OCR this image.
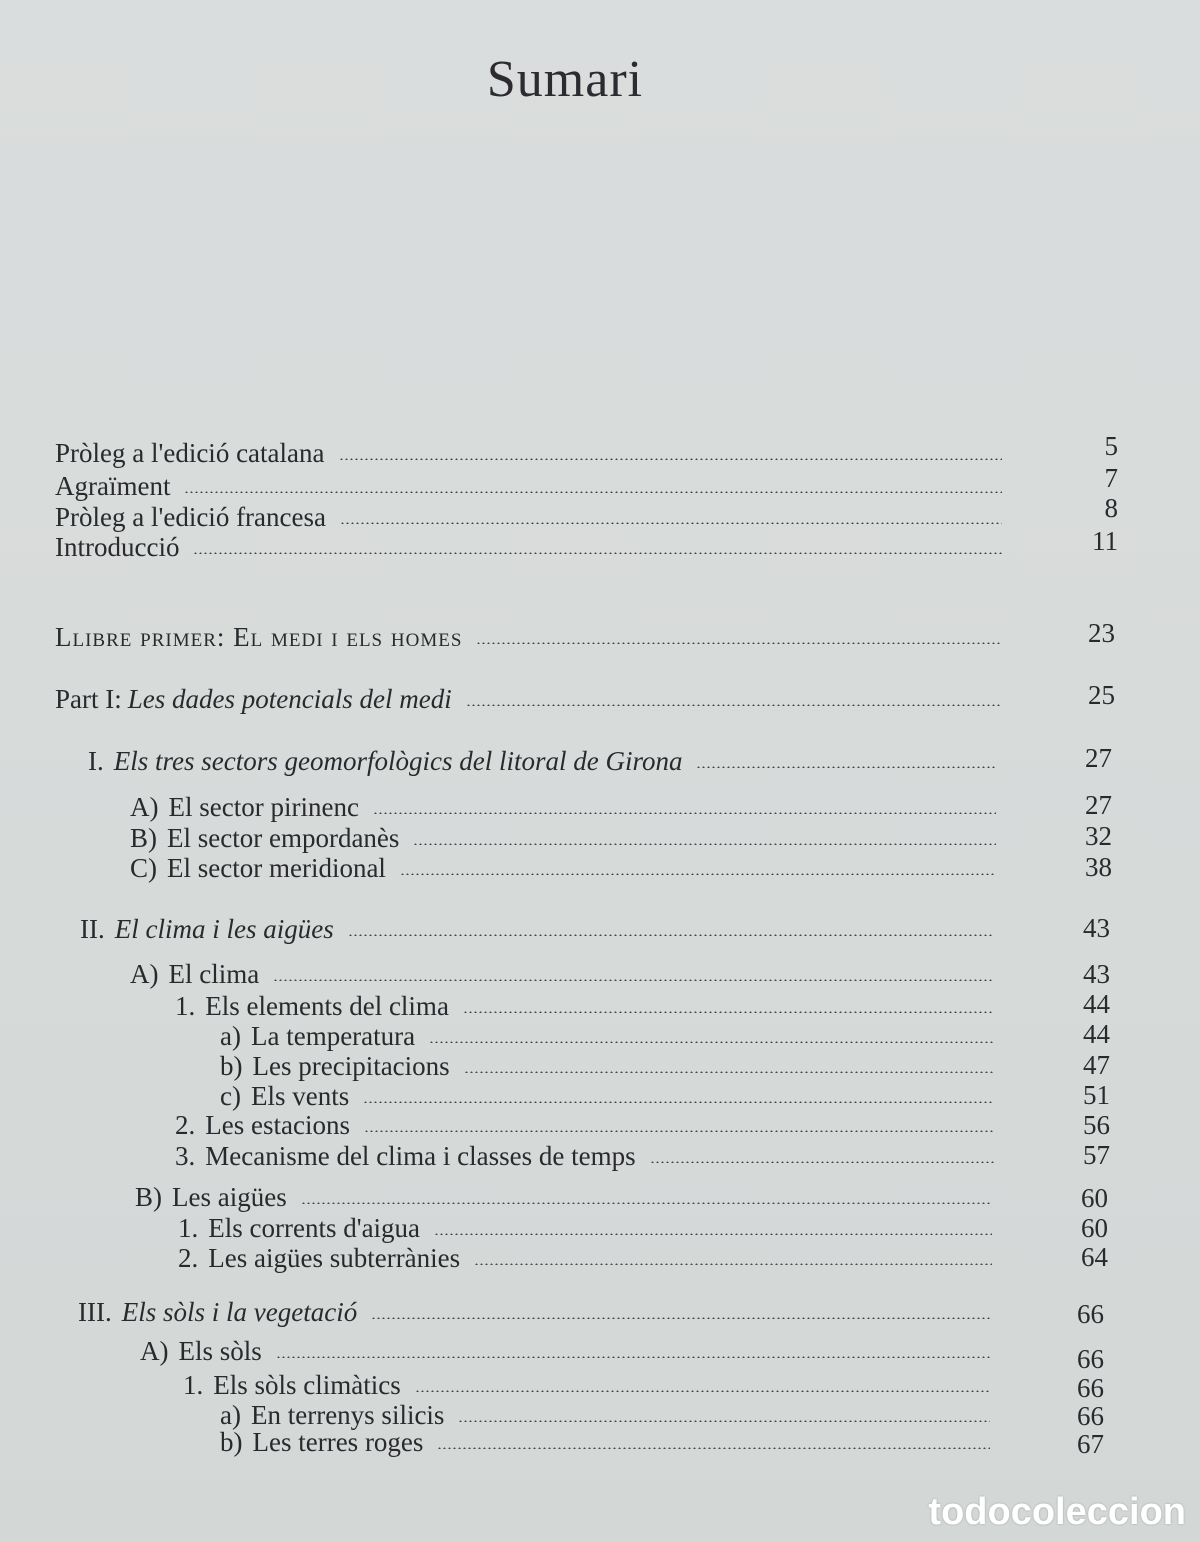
Sumari
Pròleg a l'edició catalana	5
Agraïment	7
Pròleg a l'edició francesa	8
Introducció	11
Llibre primer: El medi i els homes	23
Part I: Les dades potencials del medi	25
I. Els tres sectors geomorfològics del litoral de Girona	27
A) El sector pirinenc	27
B) El sector empordanès	32
C) El sector meridional	38
II. El clima i les aigües	43
A) El clima	43
1. Els elements del clima	44
a) La temperatura	44
b) Les precipitacions	47
c) Els vents	51
2. Les estacions	56
3. Mecanisme del clima i classes de temps	57
B) Les aigües	60
1. Els corrents d'aigua	60
2. Les aigües subterrànies	64
III. Els sòls i la vegetació	66
A) Els sòls	66
1. Els sòls climàtics	66
a) En terrenys silicis	66
b) Les terres roges	67
todocoleccion
